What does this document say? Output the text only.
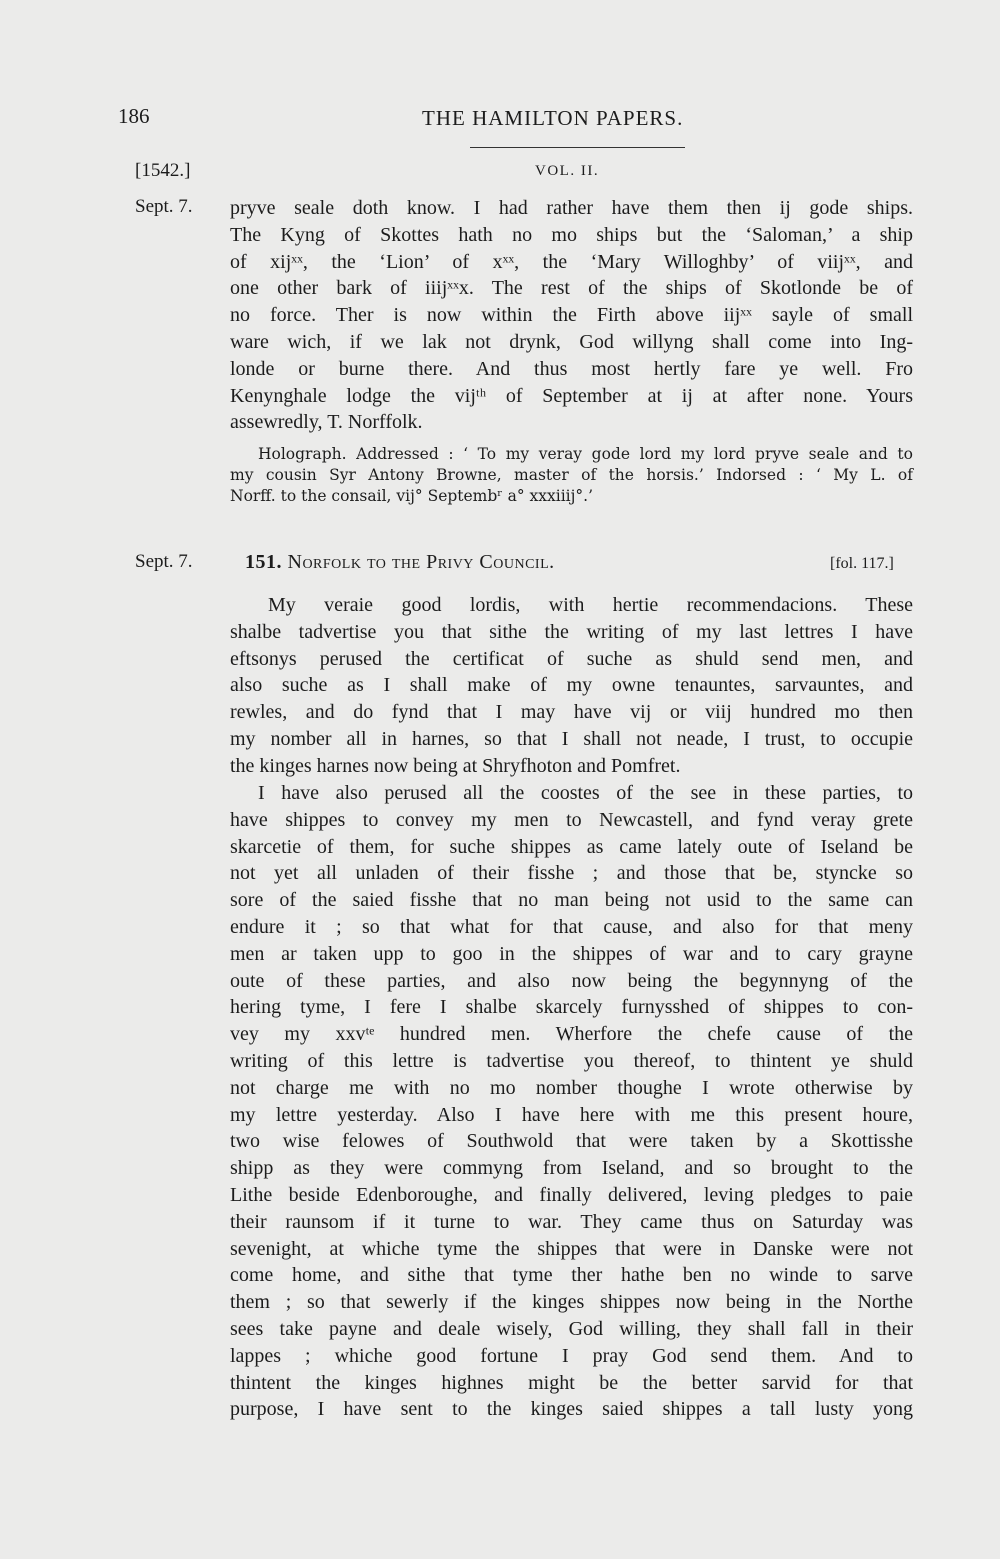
186	THE HAMILTON PAPERS.
[1542.]	VOL. II.
Sept. 7.
Sept. 7.
pryve seale doth know. I had rather have them then ij gode ships.
The Kyng of Skottes hath no mo ships but the ‘Saloman,’ a ship
of xijˣˣ, the ‘Lion’ of xˣˣ, the ‘Mary Willoghby’ of viijˣˣ, and
one other bark of iiijˣˣx. The rest of the ships of Skotlonde be of
no force. Ther is now within the Firth above iijˣˣ sayle of small
ware wich, if we lak not drynk, God willyng shall come into Ing-
londe or burne there. And thus most hertly fare ye well. Fro
Kenynghale lodge the vijᵗʰ of September at ij at after none. Yours
assewredly, T. Norffolk.
Holograph. Addressed : ‘ To my veray gode lord my lord pryve seale and to
my cousin Syr Antony Browne, master of the horsis.’ Indorsed : ‘ My L. of
Norff. to the consail, vij° Septembʳ a° xxxiiij°.’
151. Norfolk to the Privy Council.	[fol. 117.]
My veraie good lordis, with hertie recommendacions. These
shalbe tadvertise you that sithe the writing of my last lettres I have
eftsonys perused the certificat of suche as shuld send men, and
also suche as I shall make of my owne tenauntes, sarvauntes, and
rewles, and do fynd that I may have vij or viij hundred mo then
my nomber all in harnes, so that I shall not neade, I trust, to occupie
the kinges harnes now being at Shryfhoton and Pomfret.
I have also perused all the coostes of the see in these parties, to
have shippes to convey my men to Newcastell, and fynd veray grete
skarcetie of them, for suche shippes as came lately oute of Iseland be
not yet all unladen of their fisshe ; and those that be, styncke so
sore of the saied fisshe that no man being not usid to the same can
endure it ; so that what for that cause, and also for that meny
men ar taken upp to goo in the shippes of war and to cary grayne
oute of these parties, and also now being the begynnyng of the
hering tyme, I fere I shalbe skarcely furnysshed of shippes to con-
vey my xxvᵗᵉ hundred men. Wherfore the chefe cause of the
writing of this lettre is tadvertise you thereof, to thintent ye shuld
not charge me with no mo nomber thoughe I wrote otherwise by
my lettre yesterday. Also I have here with me this present houre,
two wise felowes of Southwold that were taken by a Skottisshe
shipp as they were commyng from Iseland, and so brought to the
Lithe beside Edenboroughe, and finally delivered, leving pledges to paie
their raunsom if it turne to war. They came thus on Saturday was
sevenight, at whiche tyme the shippes that were in Danske were not
come home, and sithe that tyme ther hathe ben no winde to sarve
them ; so that sewerly if the kinges shippes now being in the Northe
sees take payne and deale wisely, God willing, they shall fall in their
lappes ; whiche good fortune I pray God send them. And to
thintent the kinges highnes might be the better sarvid for that
purpose, I have sent to the kinges saied shippes a tall lusty yong
